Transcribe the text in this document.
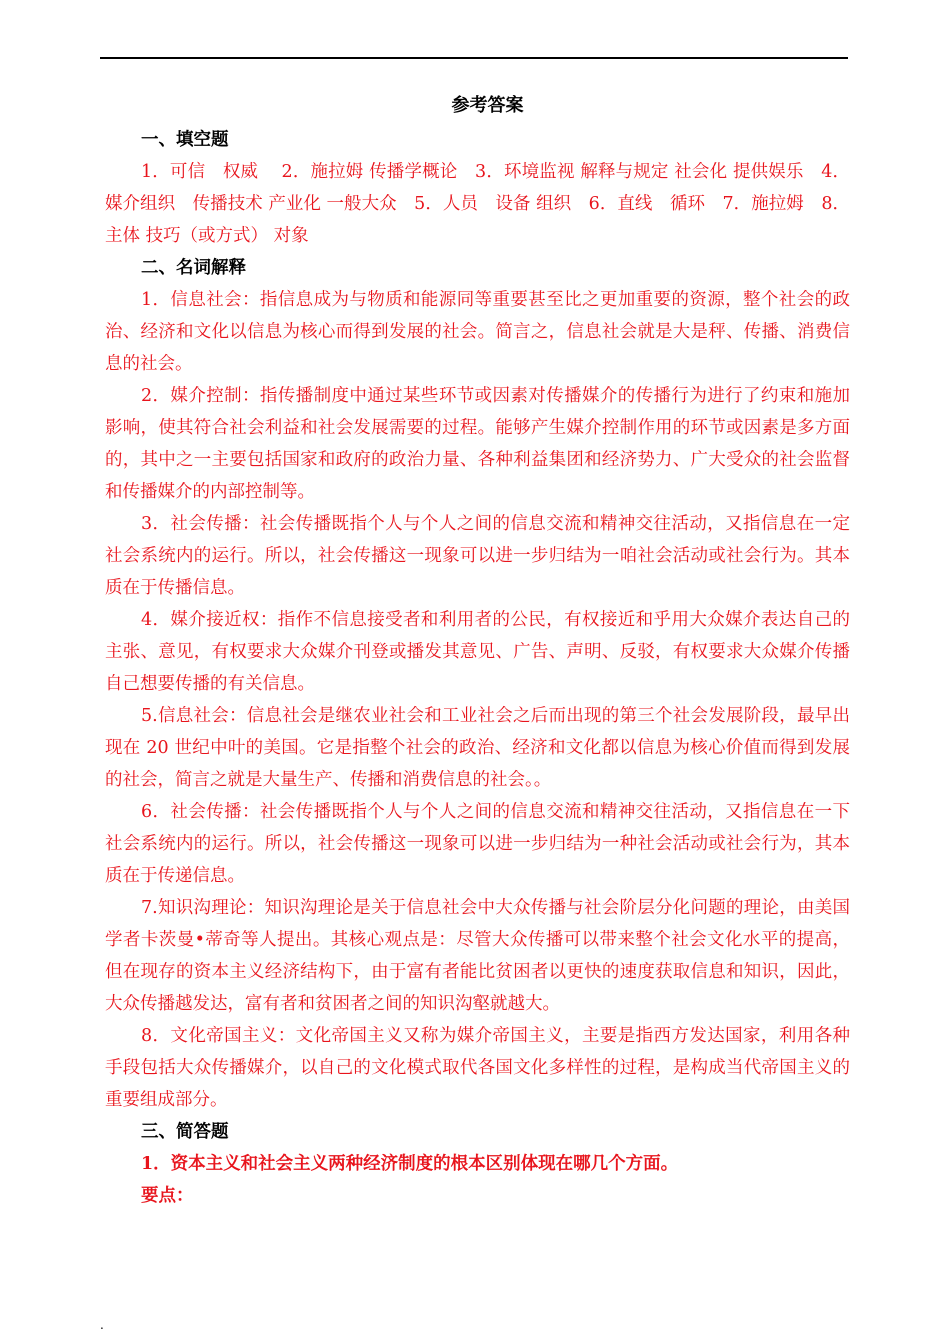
参考答案
一、填空题

1．可信　权威　 2．施拉姆 传播学概论　3．环境监视 解释与规定 社会化 提供娱乐　4．媒介组织　传播技术 产业化 一般大众　5．人员　设备 组织　6．直线　循环　7．施拉姆　8．主体 技巧（或方式） 对象

二、名词解释

1．信息社会：指信息成为与物质和能源同等重要甚至比之更加重要的资源，整个社会的政治、经济和文化以信息为核心而得到发展的社会。简言之，信息社会就是大是秤、传播、消费信息的社会。

2．媒介控制：指传播制度中通过某些环节或因素对传播媒介的传播行为进行了约束和施加影响，使其符合社会利益和社会发展需要的过程。能够产生媒介控制作用的环节或因素是多方面的，其中之一主要包括国家和政府的政治力量、各种利益集团和经济势力、广大受众的社会监督和传播媒介的内部控制等。

3．社会传播：社会传播既指个人与个人之间的信息交流和精神交往活动，又指信息在一定社会系统内的运行。所以，社会传播这一现象可以进一步归结为一咱社会活动或社会行为。其本质在于传播信息。

4．媒介接近权：指作不信息接受者和利用者的公民，有权接近和乎用大众媒介表达自己的主张、意见，有权要求大众媒介刊登或播发其意见、广告、声明、反驳，有权要求大众媒介传播自己想要传播的有关信息。

5.信息社会：信息社会是继农业社会和工业社会之后而出现的第三个社会发展阶段，最早出现在 20 世纪中叶的美国。它是指整个社会的政治、经济和文化都以信息为核心价值而得到发展的社会，简言之就是大量生产、传播和消费信息的社会。。

6．社会传播：社会传播既指个人与个人之间的信息交流和精神交往活动，又指信息在一下社会系统内的运行。所以，社会传播这一现象可以进一步归结为一种社会活动或社会行为，其本质在于传递信息。

7.知识沟理论：知识沟理论是关于信息社会中大众传播与社会阶层分化问题的理论，由美国学者卡茨曼•蒂奇等人提出。其核心观点是：尽管大众传播可以带来整个社会文化水平的提高，但在现存的资本主义经济结构下，由于富有者能比贫困者以更快的速度获取信息和知识，因此，大众传播越发达，富有者和贫困者之间的知识沟壑就越大。

8．文化帝国主义：文化帝国主义又称为媒介帝国主义，主要是指西方发达国家，利用各种手段包括大众传播媒介，以自己的文化模式取代各国文化多样性的过程，是构成当代帝国主义的重要组成部分。

三、简答题
1．资本主义和社会主义两种经济制度的根本区别体现在哪几个方面。
要点：
.
